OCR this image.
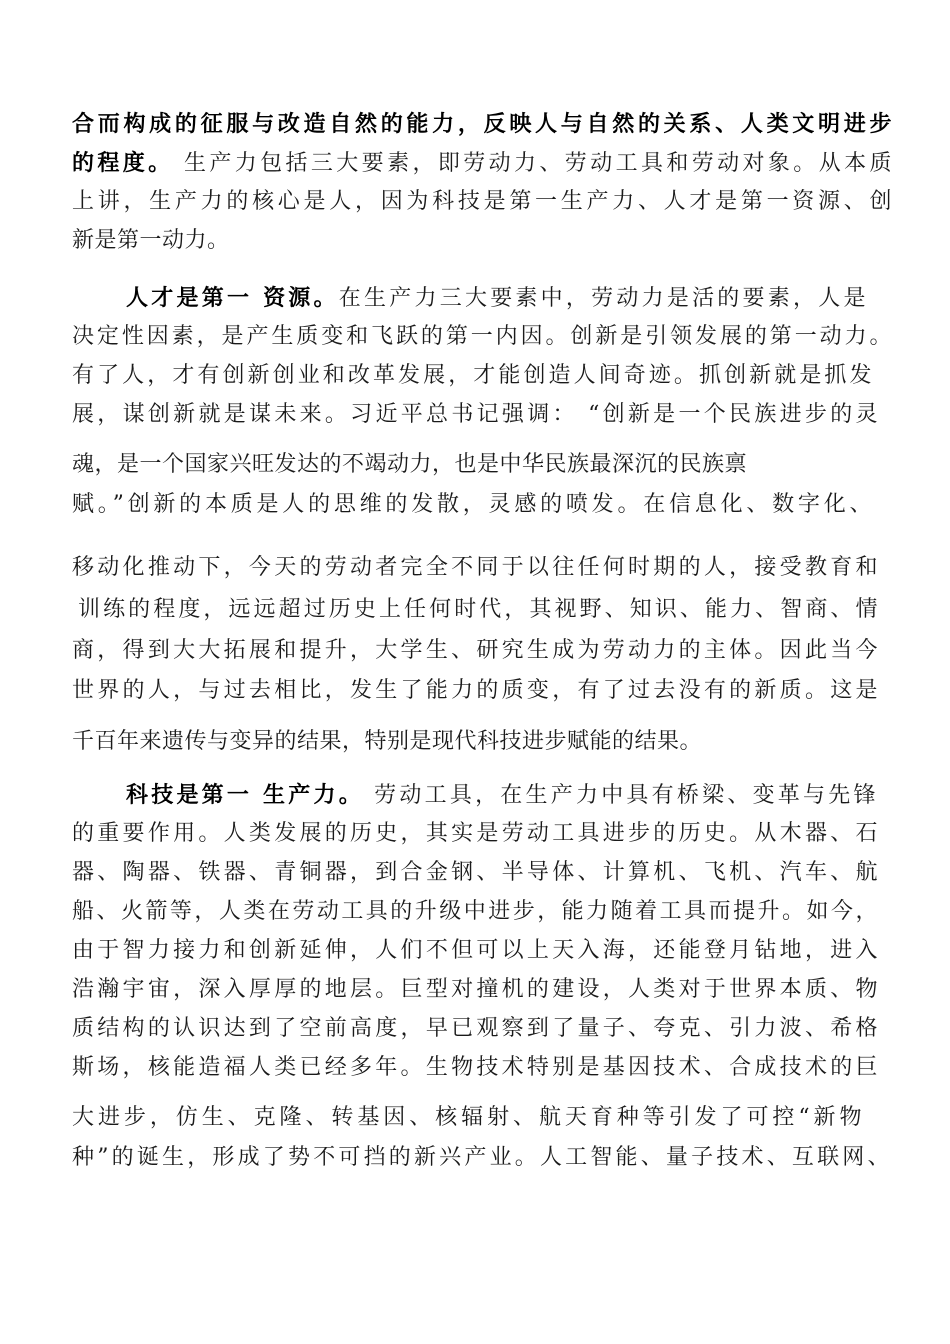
合而构成的征服与改造自然的能力，反映人与自然的关系、人类文明进步
的程度。 生产力包括三大要素，即劳动力、劳动工具和劳动对象。从本质
上讲，生产力的核心是人，因为科技是第一生产力、人才是第一资源、创
新是第一动力。
人才是第一 资源。在生产力三大要素中，劳动力是活的要素，人是
决定性因素，是产生质变和飞跃的第一内因。创新是引领发展的第一动力。
有了人，才有创新创业和改革发展，才能创造人间奇迹。抓创新就是抓发
展，谋创新就是谋未来。习近平总书记强调： “创新是一个民族进步的灵
魂，是一个国家兴旺发达的不竭动力，也是中华民族最深沉的民族禀
赋。”创新的本质是人的思维的发散，灵感的喷发。在信息化、数字化、
移动化推动下，今天的劳动者完全不同于以往任何时期的人，接受教育和
训练的程度，远远超过历史上任何时代，其视野、知识、能力、智商、情
商，得到大大拓展和提升，大学生、研究生成为劳动力的主体。因此当今
世界的人，与过去相比，发生了能力的质变，有了过去没有的新质。这是
千百年来遗传与变异的结果，特别是现代科技进步赋能的结果。
科技是第一 生产力。 劳动工具，在生产力中具有桥梁、变革与先锋
的重要作用。人类发展的历史，其实是劳动工具进步的历史。从木器、石
器、陶器、铁器、青铜器，到合金钢、半导体、计算机、飞机、汽车、航
船、火箭等，人类在劳动工具的升级中进步，能力随着工具而提升。如今，
由于智力接力和创新延伸，人们不但可以上天入海，还能登月钻地，进入
浩瀚宇宙，深入厚厚的地层。巨型对撞机的建设，人类对于世界本质、物
质结构的认识达到了空前高度，早已观察到了量子、夸克、引力波、希格
斯场，核能造福人类已经多年。生物技术特别是基因技术、合成技术的巨
大进步，仿生、克隆、转基因、核辐射、航天育种等引发了可控“新物
种”的诞生，形成了势不可挡的新兴产业。人工智能、量子技术、互联网、
